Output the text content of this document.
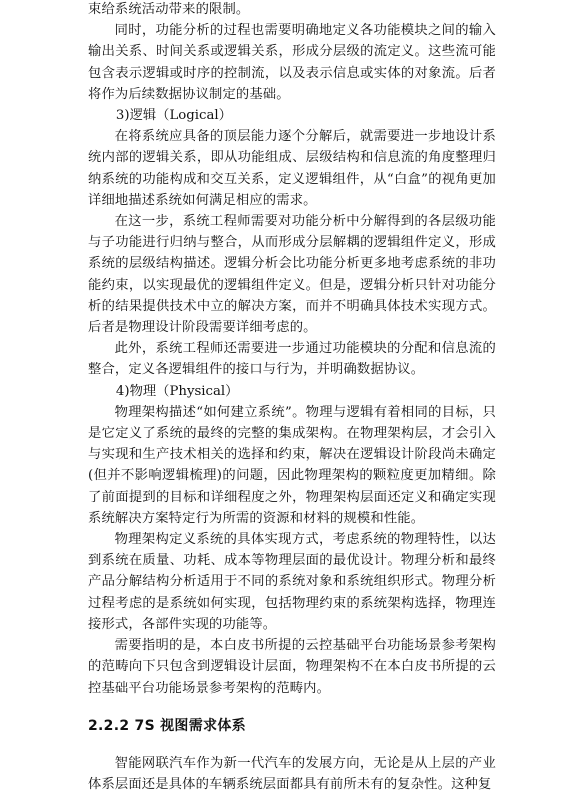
束给系统活动带来的限制。

同时，功能分析的过程也需要明确地定义各功能模块之间的输入输出关系、时间关系或逻辑关系，形成分层级的流定义。这些流可能包含表示逻辑或时序的控制流，以及表示信息或实体的对象流。后者将作为后续数据协议制定的基础。

3)逻辑（Logical）

在将系统应具备的顶层能力逐个分解后，就需要进一步地设计系统内部的逻辑关系，即从功能组成、层级结构和信息流的角度整理归纳系统的功能构成和交互关系，定义逻辑组件，从“白盒”的视角更加详细地描述系统如何满足相应的需求。

在这一步，系统工程师需要对功能分析中分解得到的各层级功能与子功能进行归纳与整合，从而形成分层解耦的逻辑组件定义，形成系统的层级结构描述。逻辑分析会比功能分析更多地考虑系统的非功能约束，以实现最优的逻辑组件定义。但是，逻辑分析只针对功能分析的结果提供技术中立的解决方案，而并不明确具体技术实现方式。后者是物理设计阶段需要详细考虑的。

此外，系统工程师还需要进一步通过功能模块的分配和信息流的整合，定义各逻辑组件的接口与行为，并明确数据协议。

4)物理（Physical）

物理架构描述“如何建立系统”。物理与逻辑有着相同的目标，只是它定义了系统的最终的完整的集成架构。在物理架构层，才会引入与实现和生产技术相关的选择和约束，解决在逻辑设计阶段尚未确定(但并不影响逻辑梳理)的问题，因此物理架构的颗粒度更加精细。除了前面提到的目标和详细程度之外，物理架构层面还定义和确定实现系统解决方案特定行为所需的资源和材料的规模和性能。

物理架构定义系统的具体实现方式，考虑系统的物理特性，以达到系统在质量、功耗、成本等物理层面的最优设计。物理分析和最终产品分解结构分析适用于不同的系统对象和系统组织形式。物理分析过程考虑的是系统如何实现，包括物理约束的系统架构选择，物理连接形式，各部件实现的功能等。

需要指明的是，本白皮书所提的云控基础平台功能场景参考架构的范畴向下只包含到逻辑设计层面，物理架构不在本白皮书所提的云控基础平台功能场景参考架构的范畴内。

2.2.2 7S 视图需求体系

智能网联汽车作为新一代汽车的发展方向，无论是从上层的产业体系层面还是具体的车辆系统层面都具有前所未有的复杂性。这种复
